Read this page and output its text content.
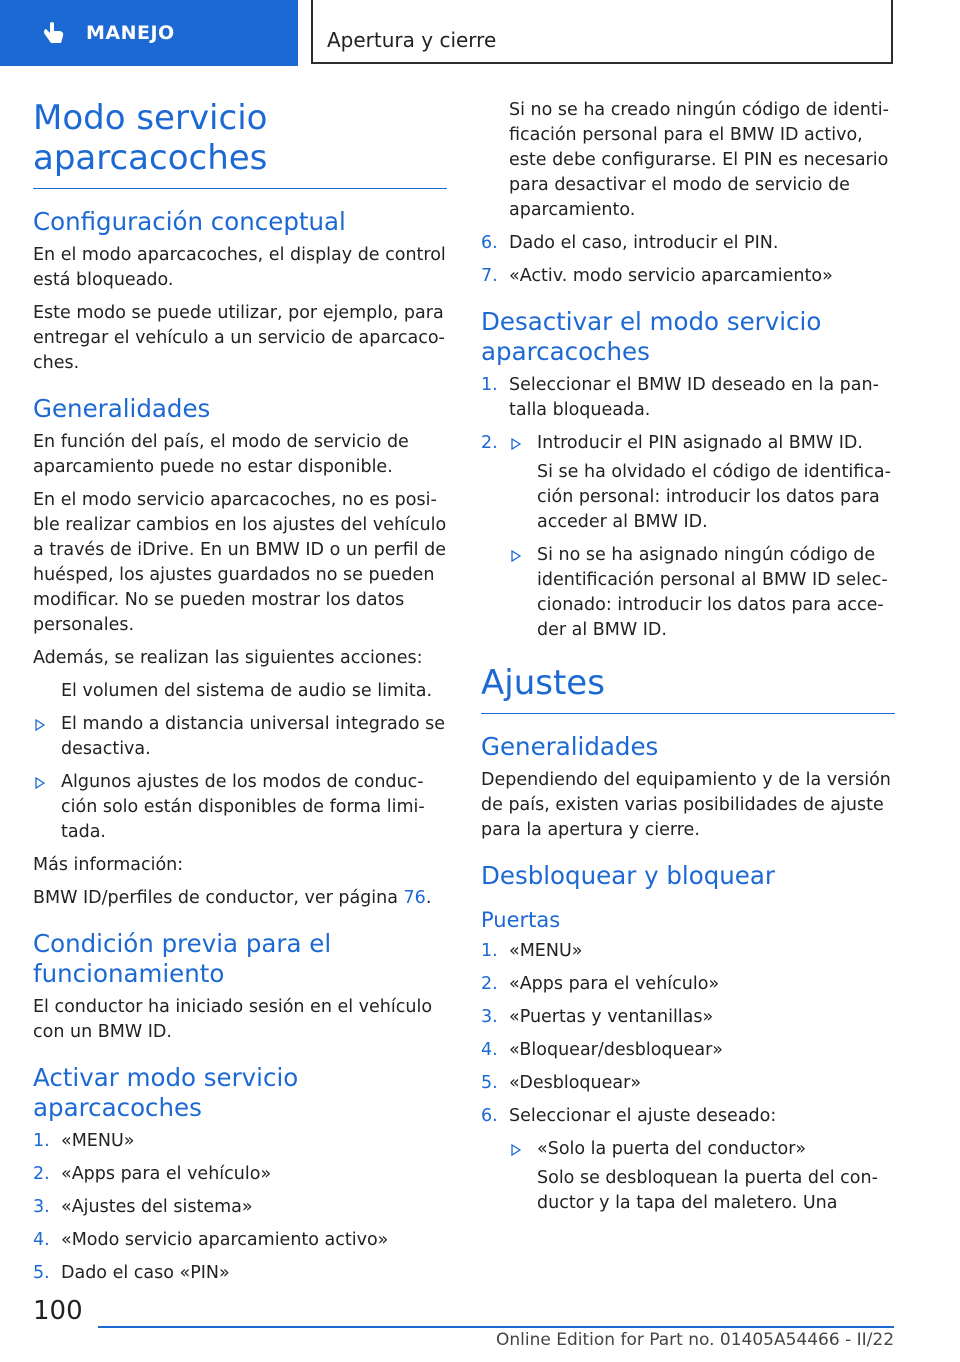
MANEJO	Apertura y cierre
Modo servicio aparcacoches
Configuración conceptual
En el modo aparcacoches, el display de control está bloqueado.
Este modo se puede utilizar, por ejemplo, para entregar el vehículo a un servicio de aparcaco‐ches.
Generalidades
En función del país, el modo de servicio de aparcamiento puede no estar disponible.
En el modo servicio aparcacoches, no es posi‐ble realizar cambios en los ajustes del vehículo a través de iDrive. En un BMW ID o un perfil de huésped, los ajustes guardados no se pueden modificar. No se pueden mostrar los datos personales.
Además, se realizan las siguientes acciones:
El volumen del sistema de audio se limita.
El mando a distancia universal integrado se desactiva.
Algunos ajustes de los modos de conduc‐ción solo están disponibles de forma limi‐tada.
Más información:
BMW ID/perfiles de conductor, ver página 76.
Condición previa para el funcionamiento
El conductor ha iniciado sesión en el vehículo con un BMW ID.
Activar modo servicio aparcacoches
1. «MENU»
2. «Apps para el vehículo»
3. «Ajustes del sistema»
4. «Modo servicio aparcamiento activo»
5. Dado el caso «PIN»
Si no se ha creado ningún código de identi‐ficación personal para el BMW ID activo, este debe configurarse. El PIN es necesario para desactivar el modo de servicio de aparcamiento.
6. Dado el caso, introducir el PIN.
7. «Activ. modo servicio aparcamiento»
Desactivar el modo servicio aparcacoches
1. Seleccionar el BMW ID deseado en la pan‐talla bloqueada.
2.	Introducir el PIN asignado al BMW ID.
Si se ha olvidado el código de identifica‐ción personal: introducir los datos para acceder al BMW ID.
Si no se ha asignado ningún código de identificación personal al BMW ID selec‐cionado: introducir los datos para acce‐der al BMW ID.
Ajustes
Generalidades
Dependiendo del equipamiento y de la versión de país, existen varias posibilidades de ajuste para la apertura y cierre.
Desbloquear y bloquear
Puertas
1. «MENU»
2. «Apps para el vehículo»
3. «Puertas y ventanillas»
4. «Bloquear/desbloquear»
5. «Desbloquear»
6. Seleccionar el ajuste deseado:
«Solo la puerta del conductor»
Solo se desbloquean la puerta del con‐ductor y la tapa del maletero. Una
100
Online Edition for Part no. 01405A54466 - II/22
